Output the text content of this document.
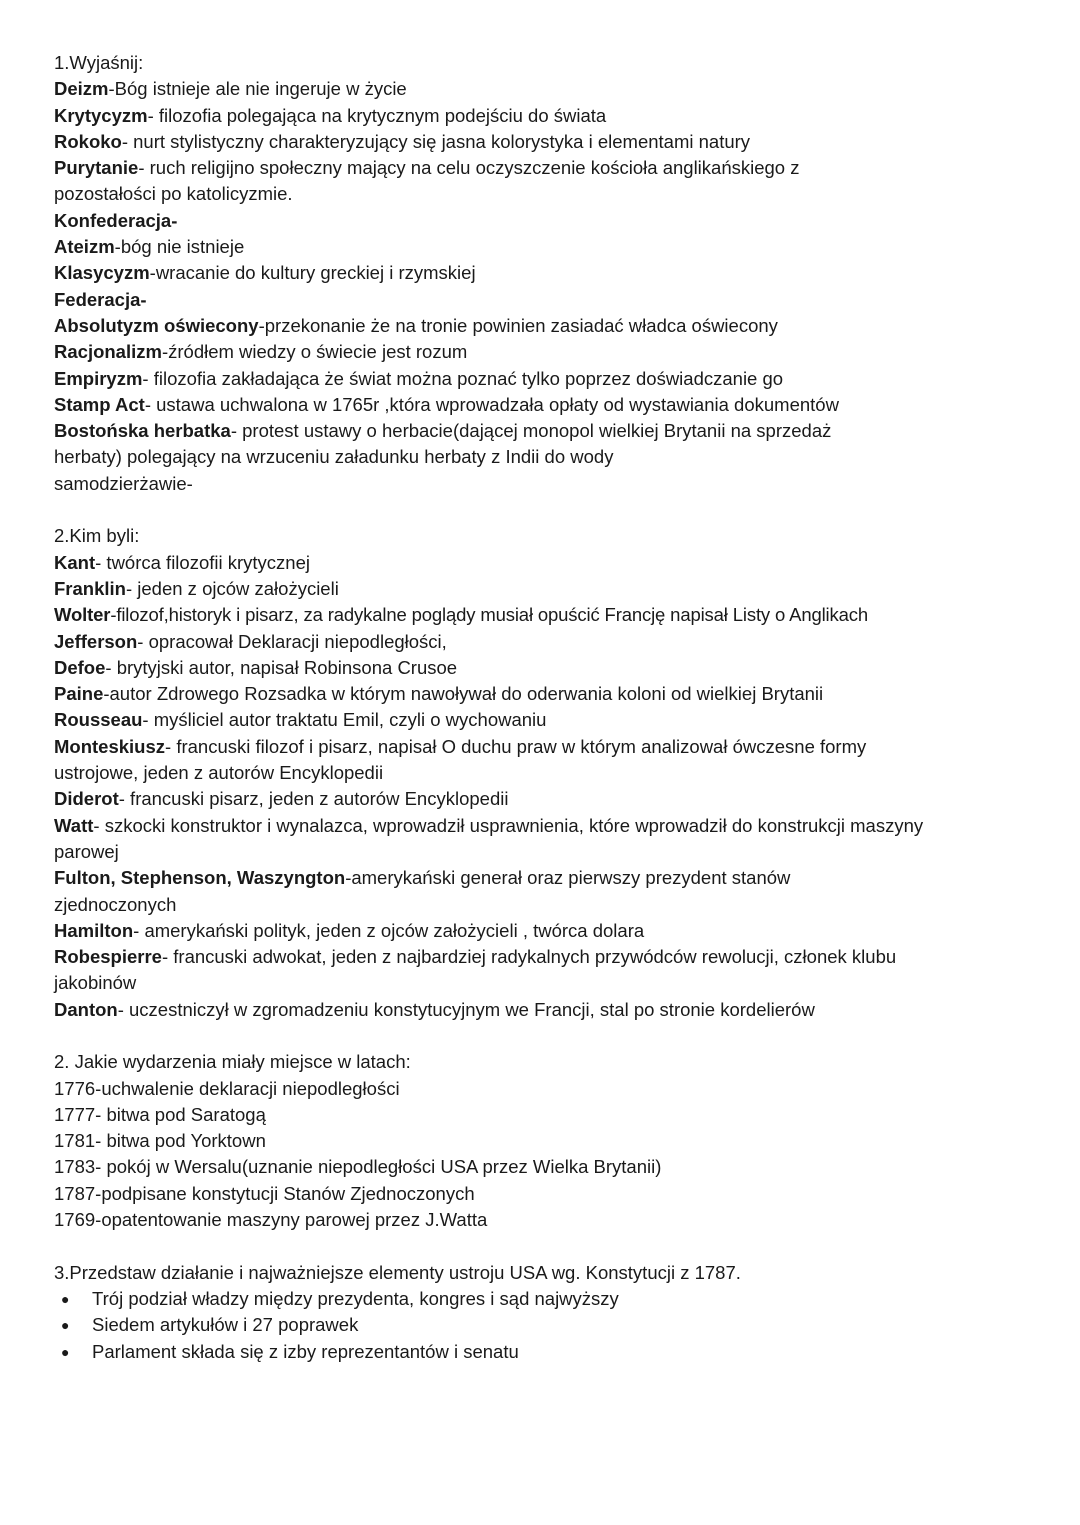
1.Wyjaśnij:

Deizm-Bóg istnieje ale nie ingeruje w życie

Krytycyzm- filozofia polegająca na krytycznym podejściu do świata

Rokoko- nurt stylistyczny charakteryzujący się jasna kolorystyka i elementami natury

Purytanie- ruch religijno społeczny mający na celu oczyszczenie kościoła anglikańskiego z pozostałości po katolicyzmie.

Konfederacja-

Ateizm-bóg nie istnieje

Klasycyzm-wracanie do kultury greckiej i rzymskiej

Federacja-

Absolutyzm oświecony-przekonanie że na tronie powinien zasiadać władca oświecony

Racjonalizm-źródłem wiedzy o świecie jest rozum

Empiryzm- filozofia zakładająca że świat można poznać tylko poprzez doświadczanie go

Stamp Act- ustawa uchwalona w 1765r ,która wprowadzała opłaty od wystawiania dokumentów

Bostońska herbatka- protest ustawy o herbacie(dającej monopol wielkiej Brytanii na sprzedaż herbaty) polegający na wrzuceniu załadunku herbaty z Indii do wody

samodzierżawie-

2.Kim byli:

Kant- twórca filozofii krytycznej

Franklin- jeden z ojców założycieli

Wolter-filozof,historyk i pisarz, za radykalne poglądy musiał opuścić Francję napisał Listy o Anglikach

Jefferson- opracował Deklaracji niepodległości,

Defoe- brytyjski autor, napisał Robinsona Crusoe

Paine-autor Zdrowego Rozsadka w którym nawoływał do oderwania koloni od wielkiej Brytanii

Rousseau- myśliciel autor traktatu Emil, czyli o wychowaniu

Monteskiusz- francuski filozof i pisarz, napisał O duchu praw w którym analizował ówczesne formy ustrojowe, jeden z autorów Encyklopedii

Diderot- francuski pisarz, jeden z autorów Encyklopedii

Watt- szkocki konstruktor i wynalazca, wprowadził usprawnienia, które wprowadził do konstrukcji maszyny parowej

Fulton, Stephenson, Waszyngton-amerykański generał oraz pierwszy prezydent stanów zjednoczonych

Hamilton- amerykański polityk, jeden z ojców założycieli , twórca dolara

Robespierre- francuski adwokat, jeden z najbardziej radykalnych przywódców rewolucji, członek klubu jakobinów

Danton- uczestniczył w zgromadzeniu konstytucyjnym we Francji, stal po stronie kordelierów

2. Jakie wydarzenia miały miejsce w latach:

1776-uchwalenie deklaracji niepodległości

1777- bitwa pod Saratogą

1781- bitwa pod Yorktown

1783- pokój w Wersalu(uznanie niepodległości USA przez Wielka Brytanii)

1787-podpisane konstytucji Stanów Zjednoczonych

1769-opatentowanie maszyny parowej przez J.Watta

3.Przedstaw działanie i najważniejsze elementy ustroju USA wg. Konstytucji z 1787.

● Trój podział władzy między prezydenta, kongres i sąd najwyższy
● Siedem artykułów i 27 poprawek
● Parlament składa się z izby reprezentantów i senatu
